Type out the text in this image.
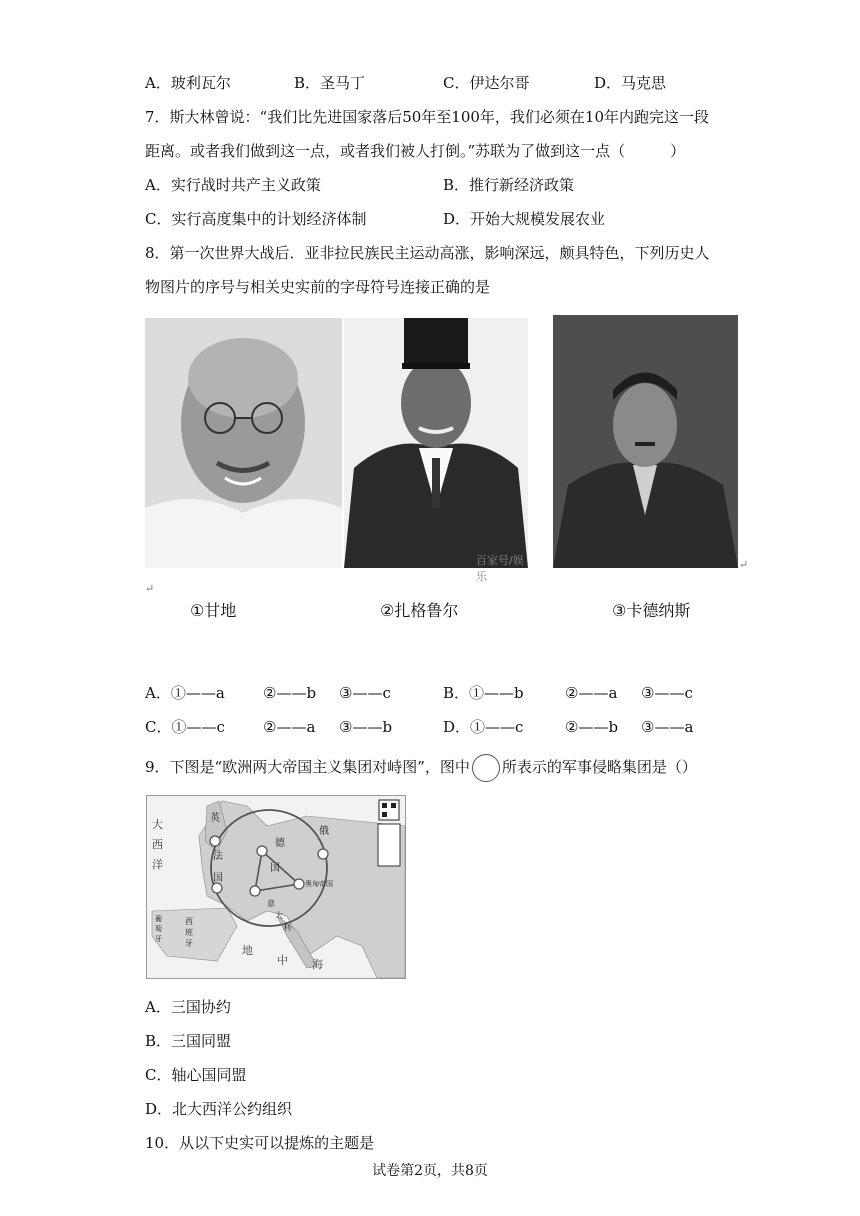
A．玻利瓦尔	B．圣马丁	C．伊达尔哥	D．马克思
7．斯大林曾说：“我们比先进国家落后50年至100年，我们必须在10年内跑完这一段
距离。或者我们做到这一点，或者我们被人打倒。”苏联为了做到这一点（　　　）
A．实行战时共产主义政策	B．推行新经济政策
C．实行高度集中的计划经济体制	D．开始大规模发展农业
8．第一次世界大战后．亚非拉民族民主运动高涨，影响深远，颇具特色，下列历史人
物图片的序号与相关史实前的字母符号连接正确的是
百家号/娱乐
↵
↵
①甘地	②扎格鲁尔	③卡德纳斯
A．①——a	②——b ③——c	B．①——b	②——a ③——c
C．①——c	②——a ③——b	D．①——c	②——b ③——a
9．下图是“欧洲两大帝国主义集团对峙图”，图中 所表示的军事侵略集团是（）
大
西
洋
英
法
国
德
国
俄
奥匈帝国
意
大
利
西
班
牙
葡
萄
牙
地
中 海
A．三国协约
B．三国同盟
C．轴心国同盟
D．北大西洋公约组织
10．从以下史实可以提炼的主题是
试卷第2页，共8页
